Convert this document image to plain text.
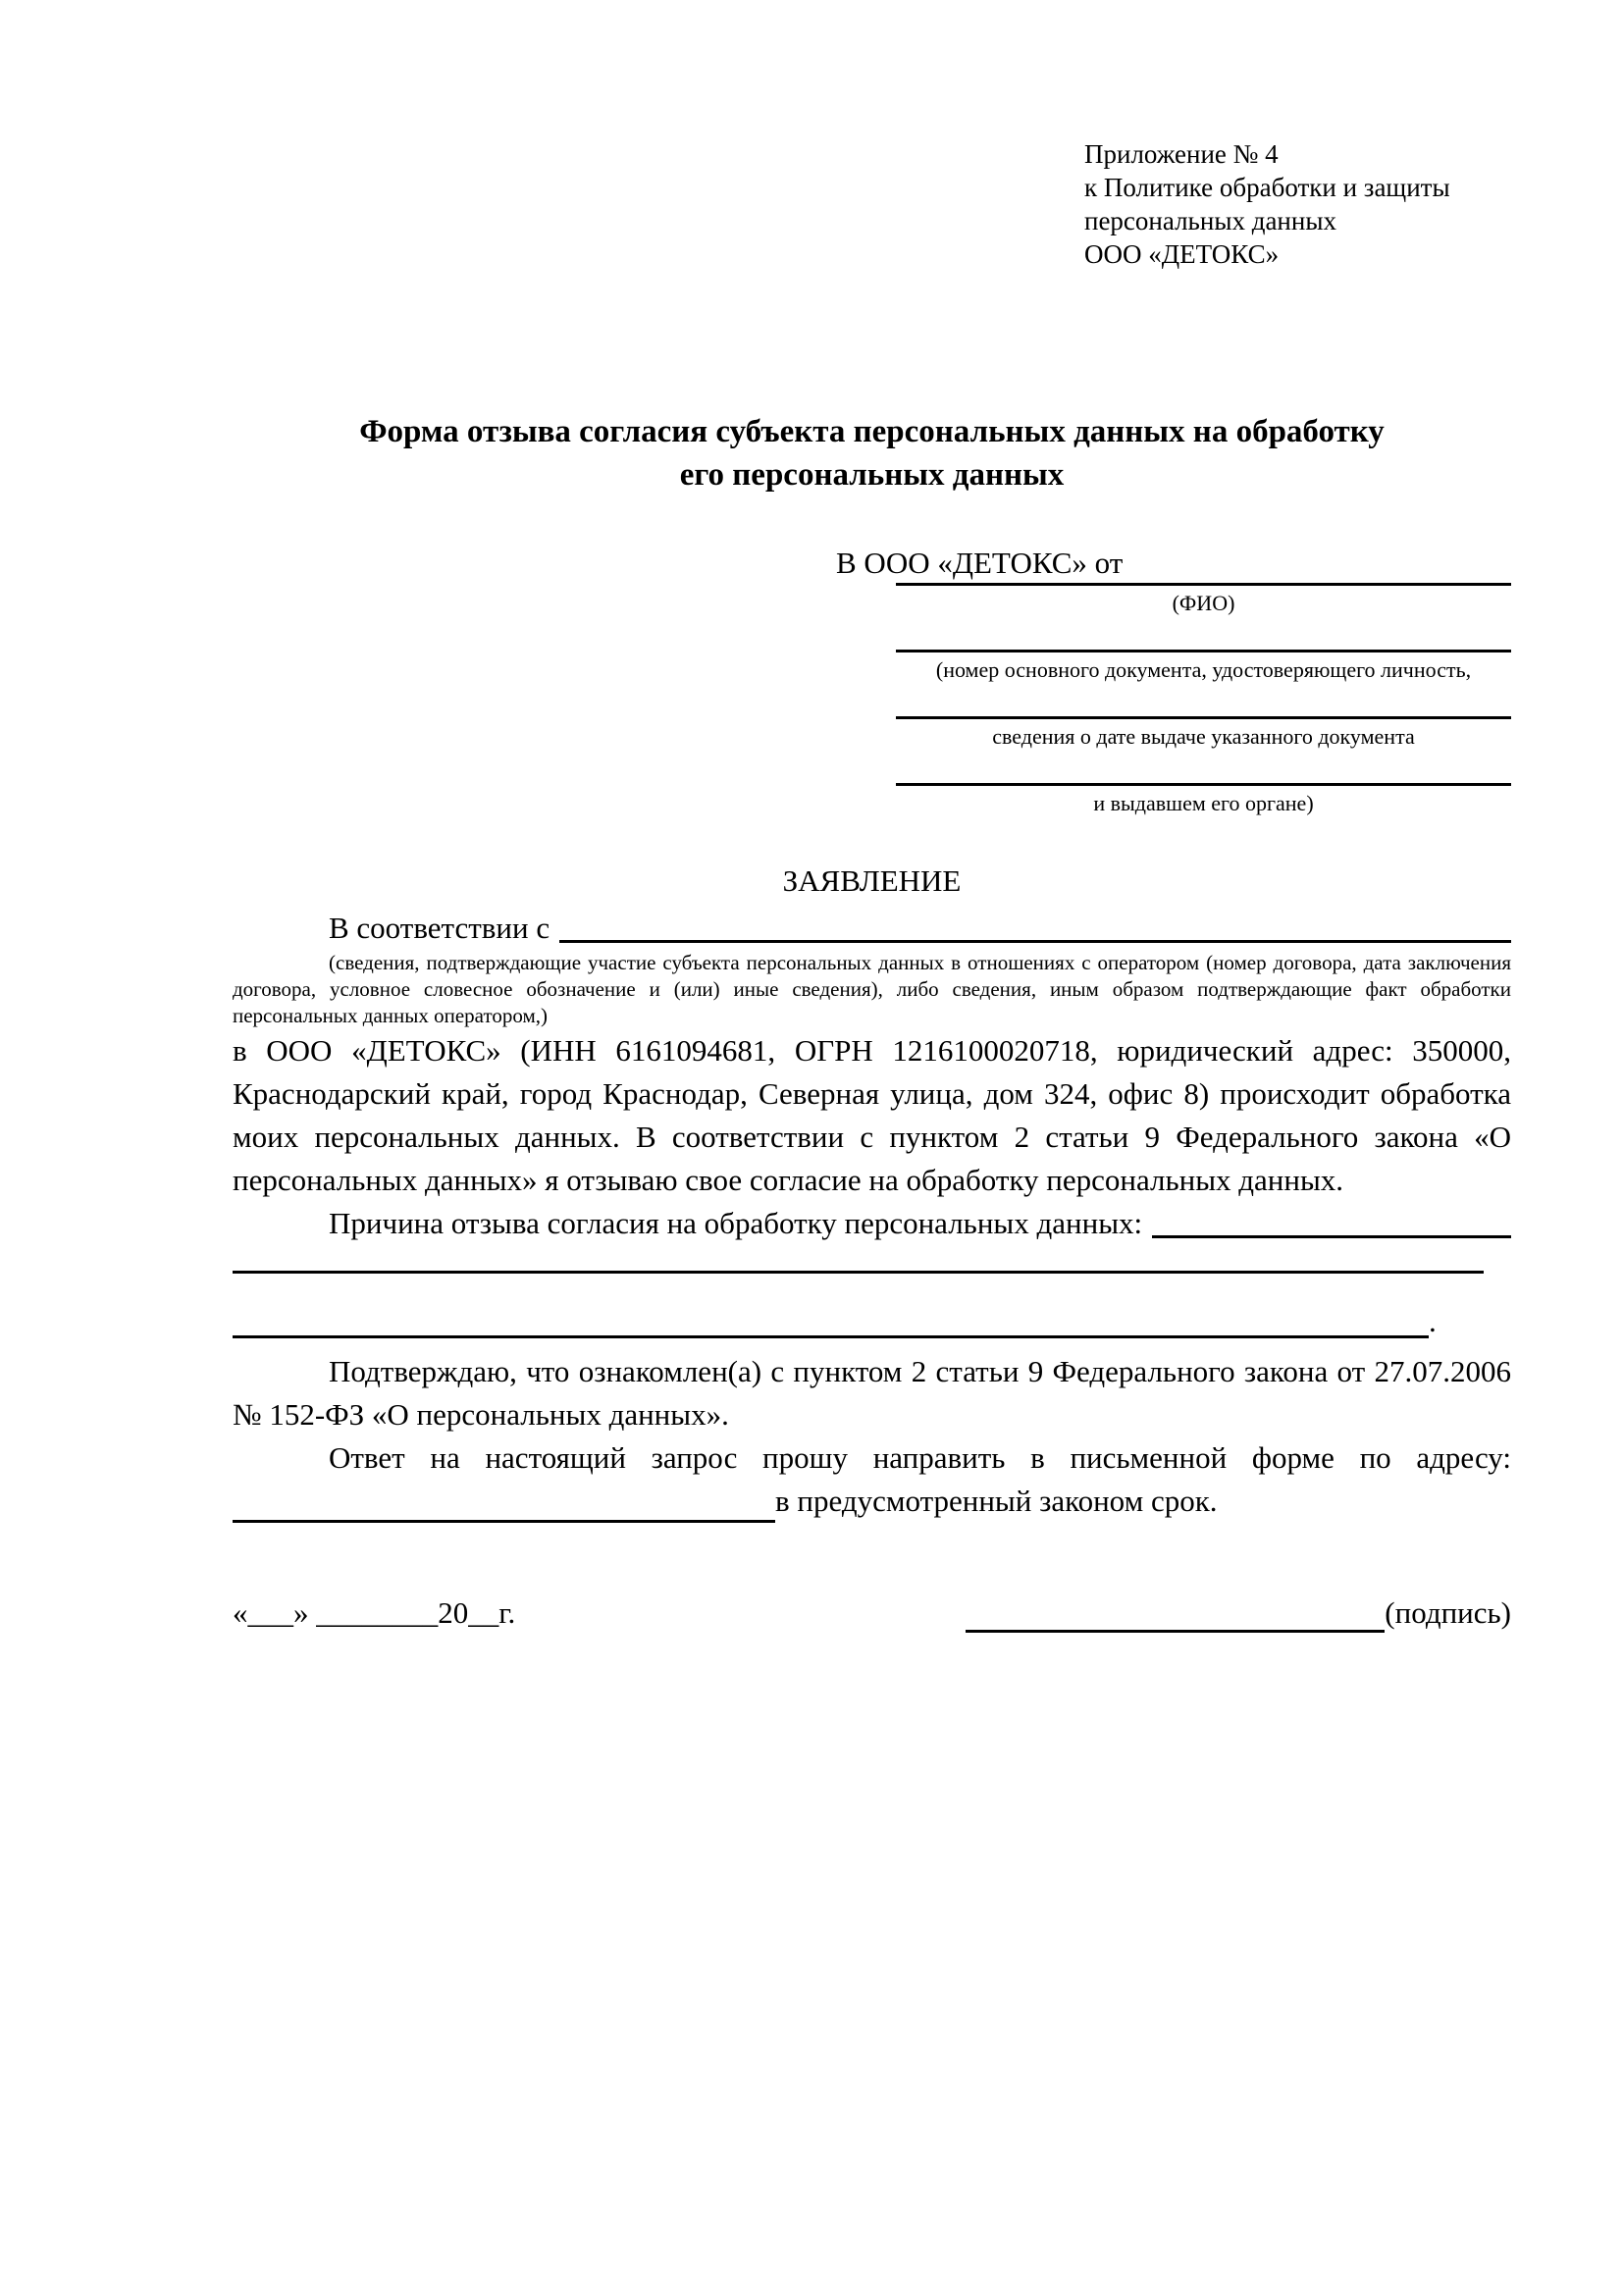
Приложение № 4
к Политике обработки и защиты
персональных данных
ООО «ДЕТОКС»
Форма отзыва согласия субъекта персональных данных на обработку
его персональных данных
В ООО «ДЕТОКС» от
(ФИО)
(номер основного документа, удостоверяющего личность,
сведения о дате выдаче указанного документа
и выдавшем его органе)
ЗАЯВЛЕНИЕ
В соответствии с

(сведения, подтверждающие участие субъекта персональных данных в отношениях с оператором (номер договора, дата заключения договора, условное словесное обозначение и (или) иные сведения), либо сведения, иным образом подтверждающие факт обработки персональных данных оператором,)

в ООО «ДЕТОКС» (ИНН 6161094681, ОГРН 1216100020718, юридический адрес: 350000, Краснодарский край, город Краснодар, Северная улица, дом 324, офис 8) происходит обработка моих персональных данных. В соответствии с пунктом 2 статьи 9 Федерального закона «О персональных данных» я отзываю свое согласие на обработку персональных данных.

Причина отзыва согласия на обработку персональных данных:
.

Подтверждаю, что ознакомлен(а) с пунктом 2 статьи 9 Федерального закона от 27.07.2006 № 152-ФЗ «О персональных данных».

Ответ на настоящий запрос прошу направить в письменной форме по адресу:

в предусмотренный законом срок.
«___» ________20__г.	(подпись)
